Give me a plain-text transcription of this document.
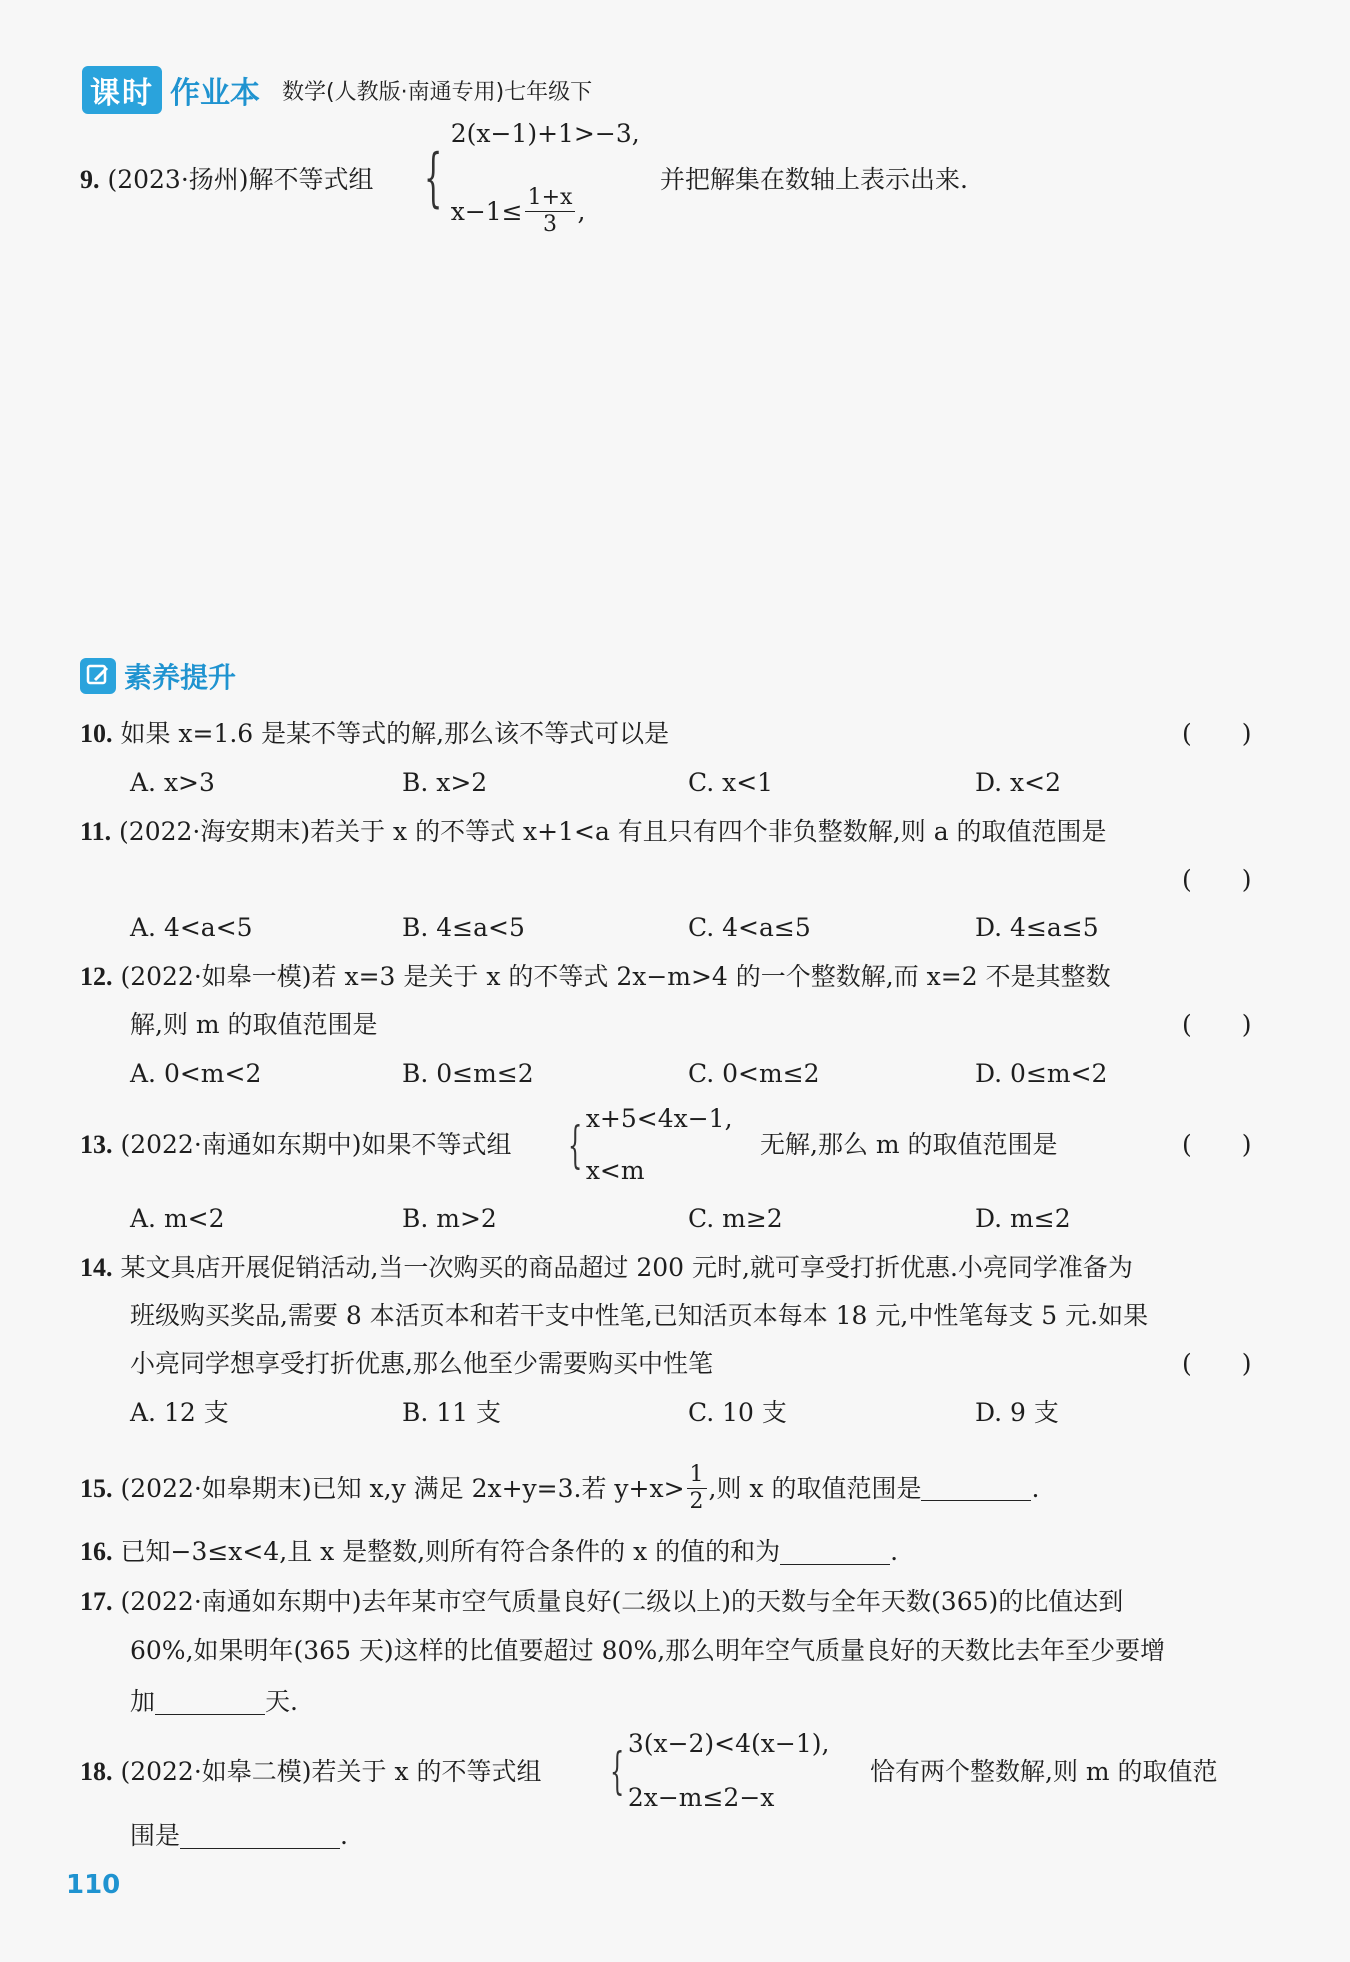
课时 作业本 数学(人教版·南通专用)七年级下
9. (2023·扬州)解不等式组 {
2(x−1)+1>−3,
$x-1\le \frac{1+x}{3}$ ,
并把解集在数轴上表示出来.
素养提升
10. 如果 x=1.6 是某不等式的解,那么该不等式可以是	(　　)
A. x>3	B. x>2	C. x<1	D. x<2
11. (2022·海安期末)若关于 x 的不等式 x+1<a 有且只有四个非负整数解,则 a 的取值范围是
(　　)
A. 4<a<5	B. 4≤a<5	C. 4<a≤5	D. 4≤a≤5
12. (2022·如皋一模)若 x=3 是关于 x 的不等式 2x−m>4 的一个整数解,而 x=2 不是其整数
解,则 m 的取值范围是	(　　)
A. 0<m<2	B. 0≤m≤2	C. 0<m≤2	D. 0≤m<2
13. (2022·南通如东期中)如果不等式组 { x+5<4x−1,
x<m
无解,那么 m 的取值范围是	(　　)
A. m<2	B. m>2	C. m≥2	D. m≤2
14. 某文具店开展促销活动,当一次购买的商品超过 200 元时,就可享受打折优惠.小亮同学准备为
班级购买奖品,需要 8 本活页本和若干支中性笔,已知活页本每本 18 元,中性笔每支 5 元.如果
小亮同学想享受打折优惠,那么他至少需要购买中性笔	(　　)
A. 12 支	B. 11 支	C. 10 支	D. 9 支
15. (2022·如皋期末)已知 x,y 满足 2x+y=3.若 $y+x> \frac{1}{2}$ ,则 x 的取值范围是	.
16. 已知−3≤x<4,且 x 是整数,则所有符合条件的 x 的值的和为	.
17. (2022·南通如东期中)去年某市空气质量良好(二级以上)的天数与全年天数(365)的比值达到
60%,如果明年(365 天)这样的比值要超过 80%,那么明年空气质量良好的天数比去年至少要增
加	天.
18. (2022·如皋二模)若关于 x 的不等式组 { 3(x−2)<4(x−1),
2x−m≤2−x
恰有两个整数解,则 m 的取值范
围是	.
110
